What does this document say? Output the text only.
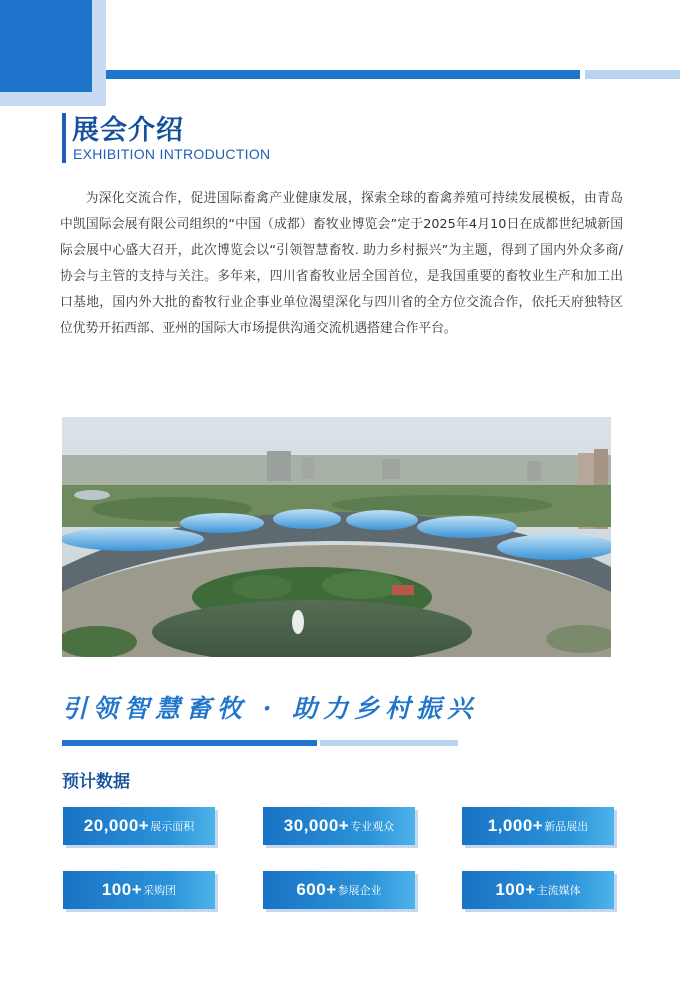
展会介绍
EXHIBITION INTRODUCTION

为深化交流合作，促进国际畜禽产业健康发展，探索全球的畜禽养殖可持续发展模板，由青岛中凯国际会展有限公司组织的“中国（成都）畜牧业博览会”定于2025年4月10日在成都世纪城新国际会展中心盛大召开，此次博览会以“引领智慧畜牧. 助力乡村振兴”为主题，得到了国内外众多商/协会与主管的支持与关注。多年来，四川省畜牧业居全国首位，是我国重要的畜牧业生产和加工出口基地，国内外大批的畜牧行业企事业单位渴望深化与四川省的全方位交流合作，依托天府独特区位优势开拓西部、亚州的国际大市场提供沟通交流机遇搭建合作平台。

引领智慧畜牧 · 助力乡村振兴
预计数据
20,000+ 展示面积	30,000+ 专业观众	1,000+ 新品展出
100+ 采购团	600+ 参展企业	100+ 主流媒体
